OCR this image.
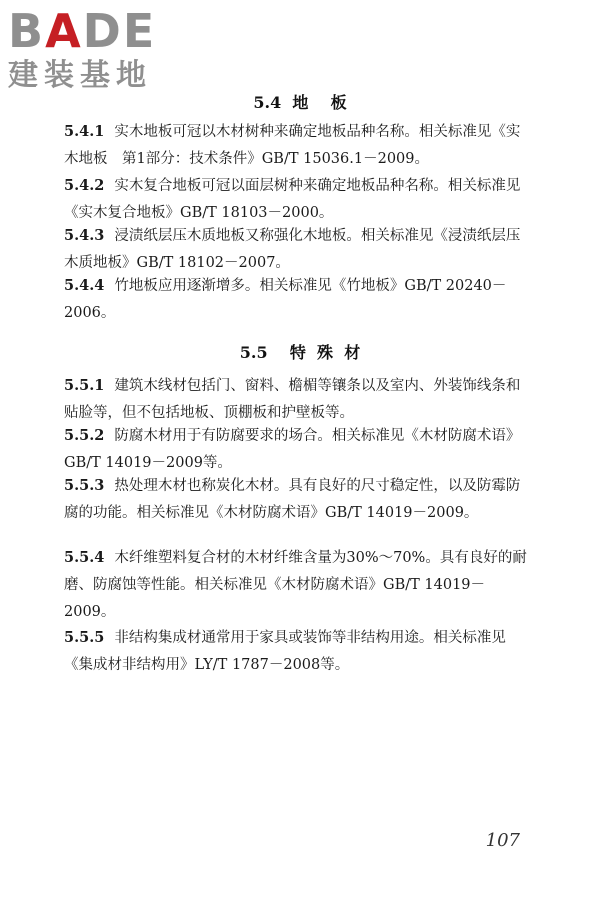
BADE
建装基地
5.4  地    板
5.4.1 实木地板可冠以木材树种来确定地板品种名称。相关标准见《实木地板　第1部分：技术条件》GB/T 15036.1－2009。
5.4.2 实木复合地板可冠以面层树种来确定地板品种名称。相关标准见《实木复合地板》GB/T 18103－2000。
5.4.3 浸渍纸层压木质地板又称强化木地板。相关标准见《浸渍纸层压木质地板》GB/T 18102－2007。
5.4.4 竹地板应用逐渐增多。相关标准见《竹地板》GB/T 20240－2006。
5.5    特  殊  材
5.5.1 建筑木线材包括门、窗料、檐楣等镶条以及室内、外装饰线条和贴脸等，但不包括地板、顶棚板和护壁板等。
5.5.2 防腐木材用于有防腐要求的场合。相关标准见《木材防腐术语》GB/T 14019－2009等。
5.5.3 热处理木材也称炭化木材。具有良好的尺寸稳定性，以及防霉防腐的功能。相关标准见《木材防腐术语》GB/T 14019－2009。
5.5.4 木纤维塑料复合材的木材纤维含量为30%～70%。具有良好的耐磨、防腐蚀等性能。相关标准见《木材防腐术语》GB/T 14019－2009。
5.5.5 非结构集成材通常用于家具或装饰等非结构用途。相关标准见《集成材非结构用》LY/T 1787－2008等。
107
